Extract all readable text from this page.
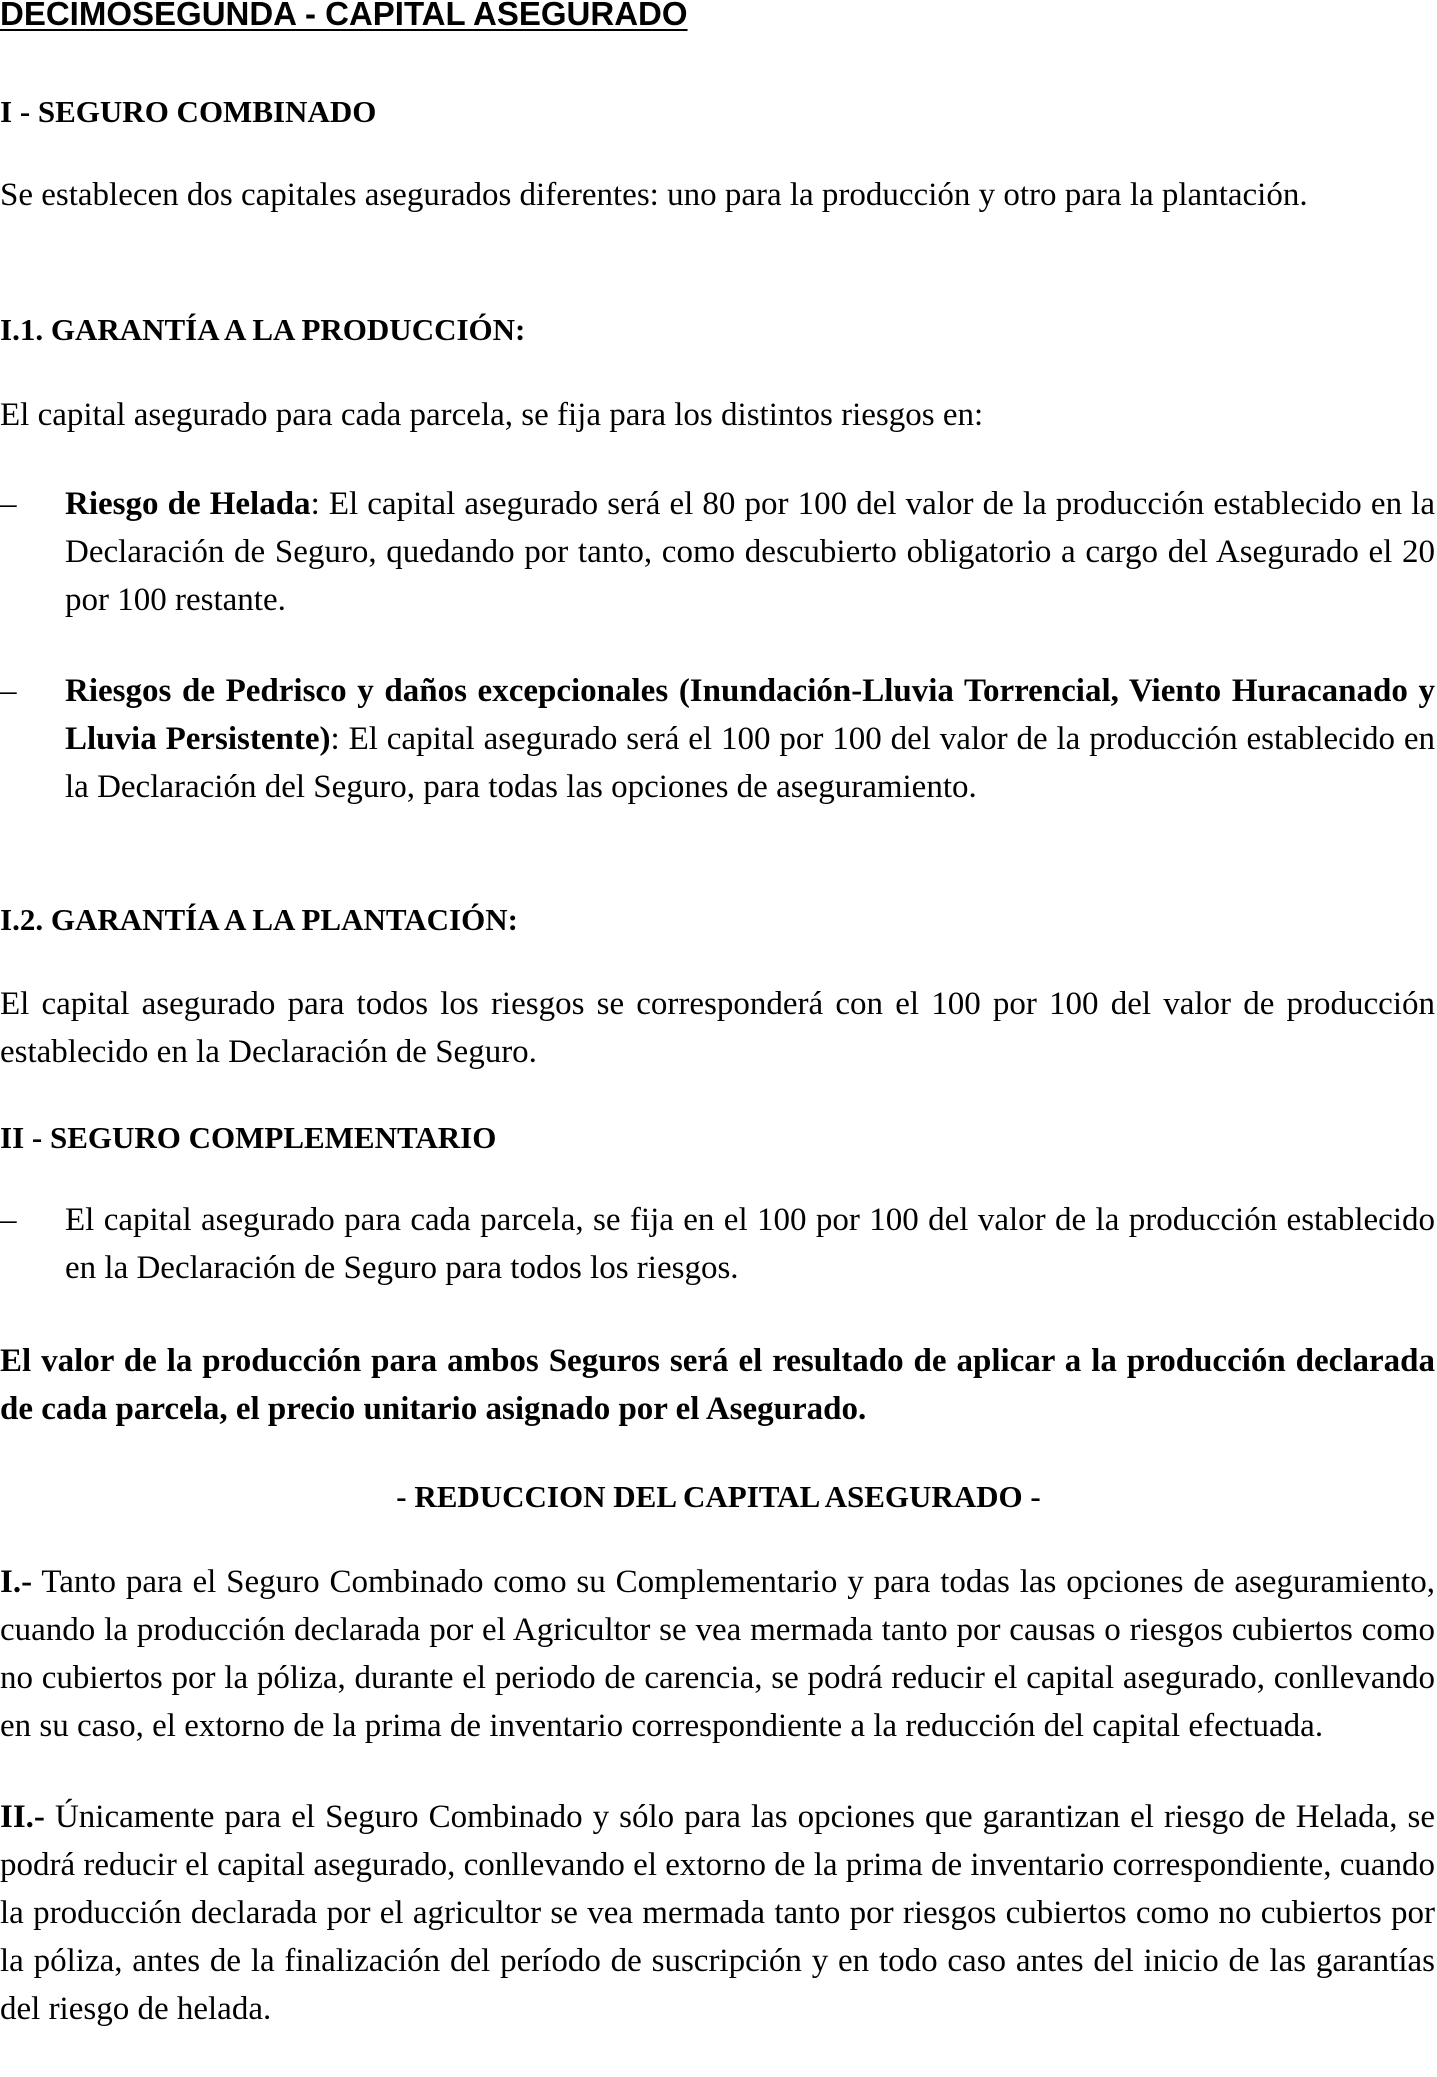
DECIMOSEGUNDA - CAPITAL ASEGURADO
I - SEGURO COMBINADO

Se establecen dos capitales asegurados diferentes: uno para la producción y otro para la plantación.

I.1. GARANTÍA A LA PRODUCCIÓN:

El capital asegurado para cada parcela, se fija para los distintos riesgos en:

–	Riesgo de Helada: El capital asegurado será el 80 por 100 del valor de la producción establecido en la Declaración de Seguro, quedando por tanto, como descubierto obligatorio a cargo del Asegurado el 20 por 100 restante.
–	Riesgos de Pedrisco y daños excepcionales (Inundación-Lluvia Torrencial, Viento Huracanado y Lluvia Persistente): El capital asegurado será el 100 por 100 del valor de la producción establecido en la Declaración del Seguro, para todas las opciones de aseguramiento.
I.2. GARANTÍA A LA PLANTACIÓN:

El capital asegurado para todos los riesgos se corresponderá con el 100 por 100 del valor de producción establecido en la Declaración de Seguro.

II - SEGURO COMPLEMENTARIO
–	El capital asegurado para cada parcela, se fija en el 100 por 100 del valor de la producción establecido en la Declaración de Seguro para todos los riesgos.

El valor de la producción para ambos Seguros será el resultado de aplicar a la producción declarada de cada parcela, el precio unitario asignado por el Asegurado.

- REDUCCION DEL CAPITAL ASEGURADO -

I.- Tanto para el Seguro Combinado como su Complementario y para todas las opciones de aseguramiento, cuando la producción declarada por el Agricultor se vea mermada tanto por causas o riesgos cubiertos como no cubiertos por la póliza, durante el periodo de carencia, se podrá reducir el capital asegurado, conllevando en su caso, el extorno de la prima de inventario correspondiente a la reducción del capital efectuada.

II.- Únicamente para el Seguro Combinado y sólo para las opciones que garantizan el riesgo de Helada, se podrá reducir el capital asegurado, conllevando el extorno de la prima de inventario correspondiente, cuando la producción declarada por el agricultor se vea mermada tanto por riesgos cubiertos como no cubiertos por la póliza, antes de la finalización del período de suscripción y en todo caso antes del inicio de las garantías del riesgo de helada.
